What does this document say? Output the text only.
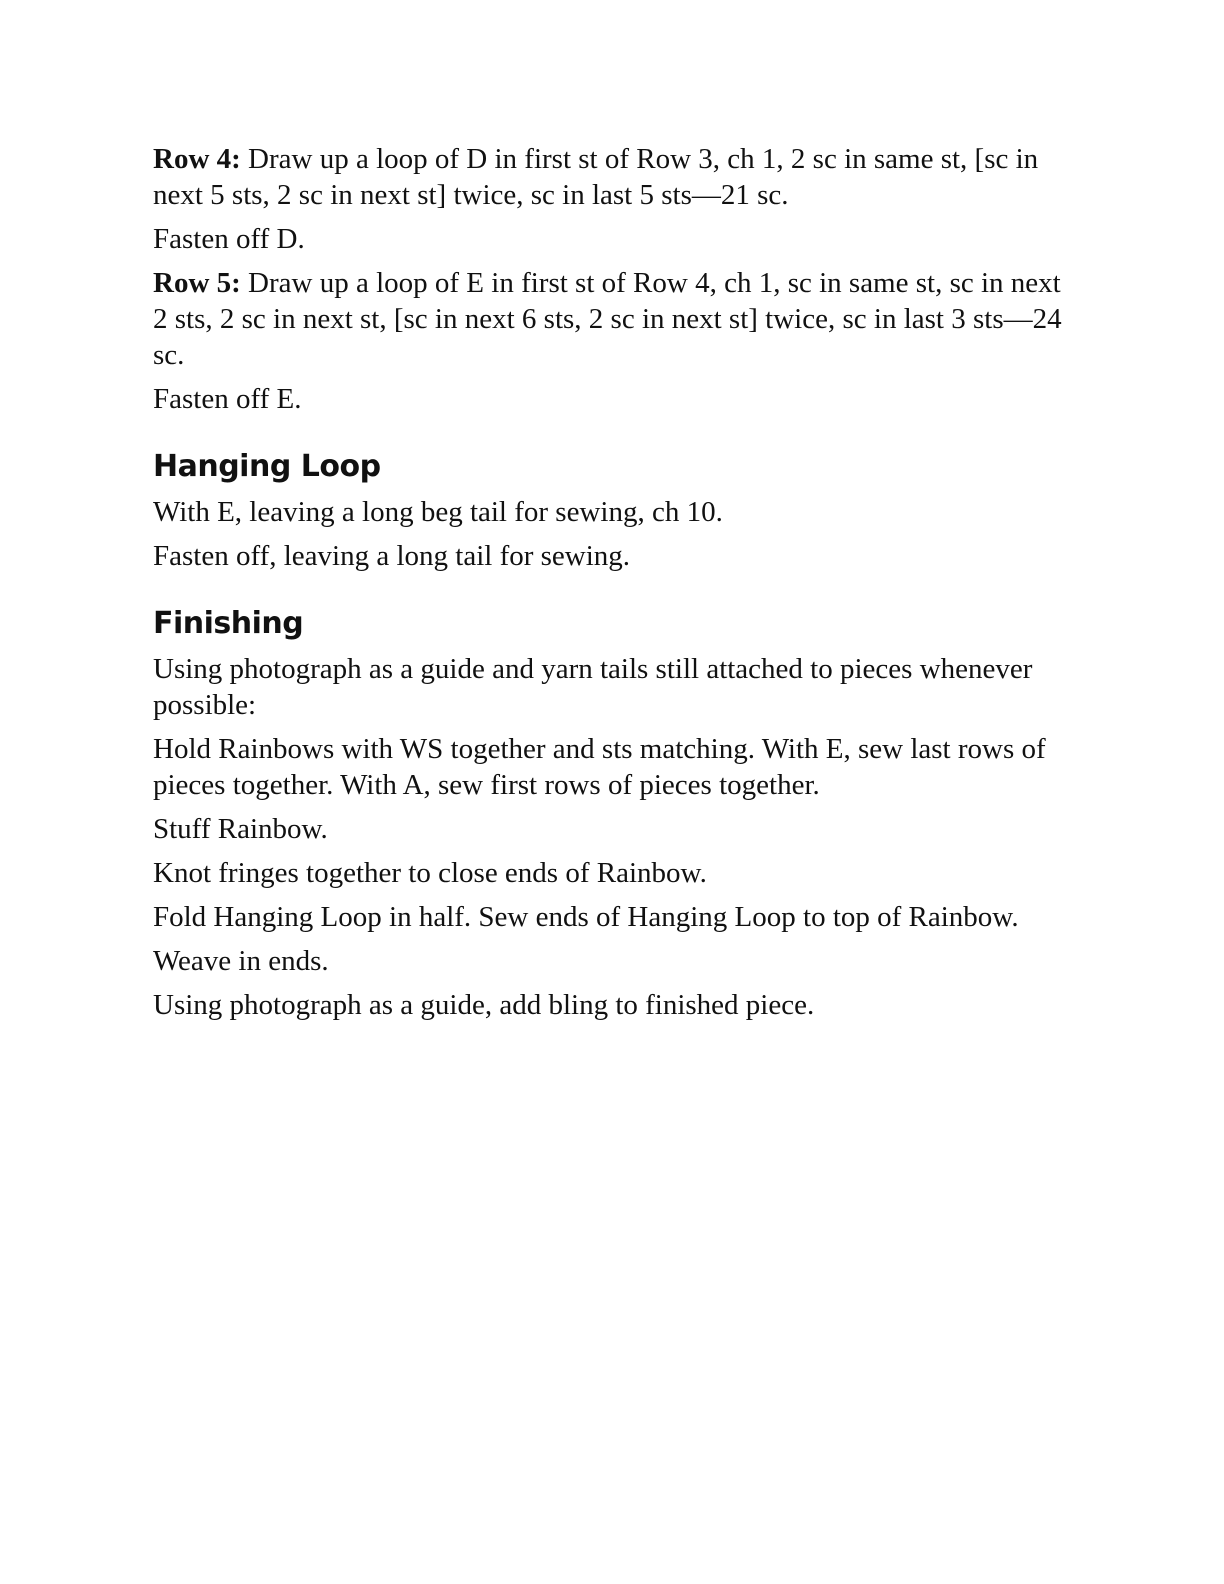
Row 4: Draw up a loop of D in first st of Row 3, ch 1, 2 sc in same st, [sc in next 5 sts, 2 sc in next st] twice, sc in last 5 sts—21 sc.

Fasten off D.

Row 5: Draw up a loop of E in first st of Row 4, ch 1, sc in same st, sc in next 2 sts, 2 sc in next st, [sc in next 6 sts, 2 sc in next st] twice, sc in last 3 sts—24 sc.

Fasten off E.

Hanging Loop

With E, leaving a long beg tail for sewing, ch 10.

Fasten off, leaving a long tail for sewing.

Finishing

Using photograph as a guide and yarn tails still attached to pieces whenever possible:

Hold Rainbows with WS together and sts matching. With E, sew last rows of pieces together. With A, sew first rows of pieces together.

Stuff Rainbow.

Knot fringes together to close ends of Rainbow.

Fold Hanging Loop in half. Sew ends of Hanging Loop to top of Rainbow.

Weave in ends.

Using photograph as a guide, add bling to finished piece.
